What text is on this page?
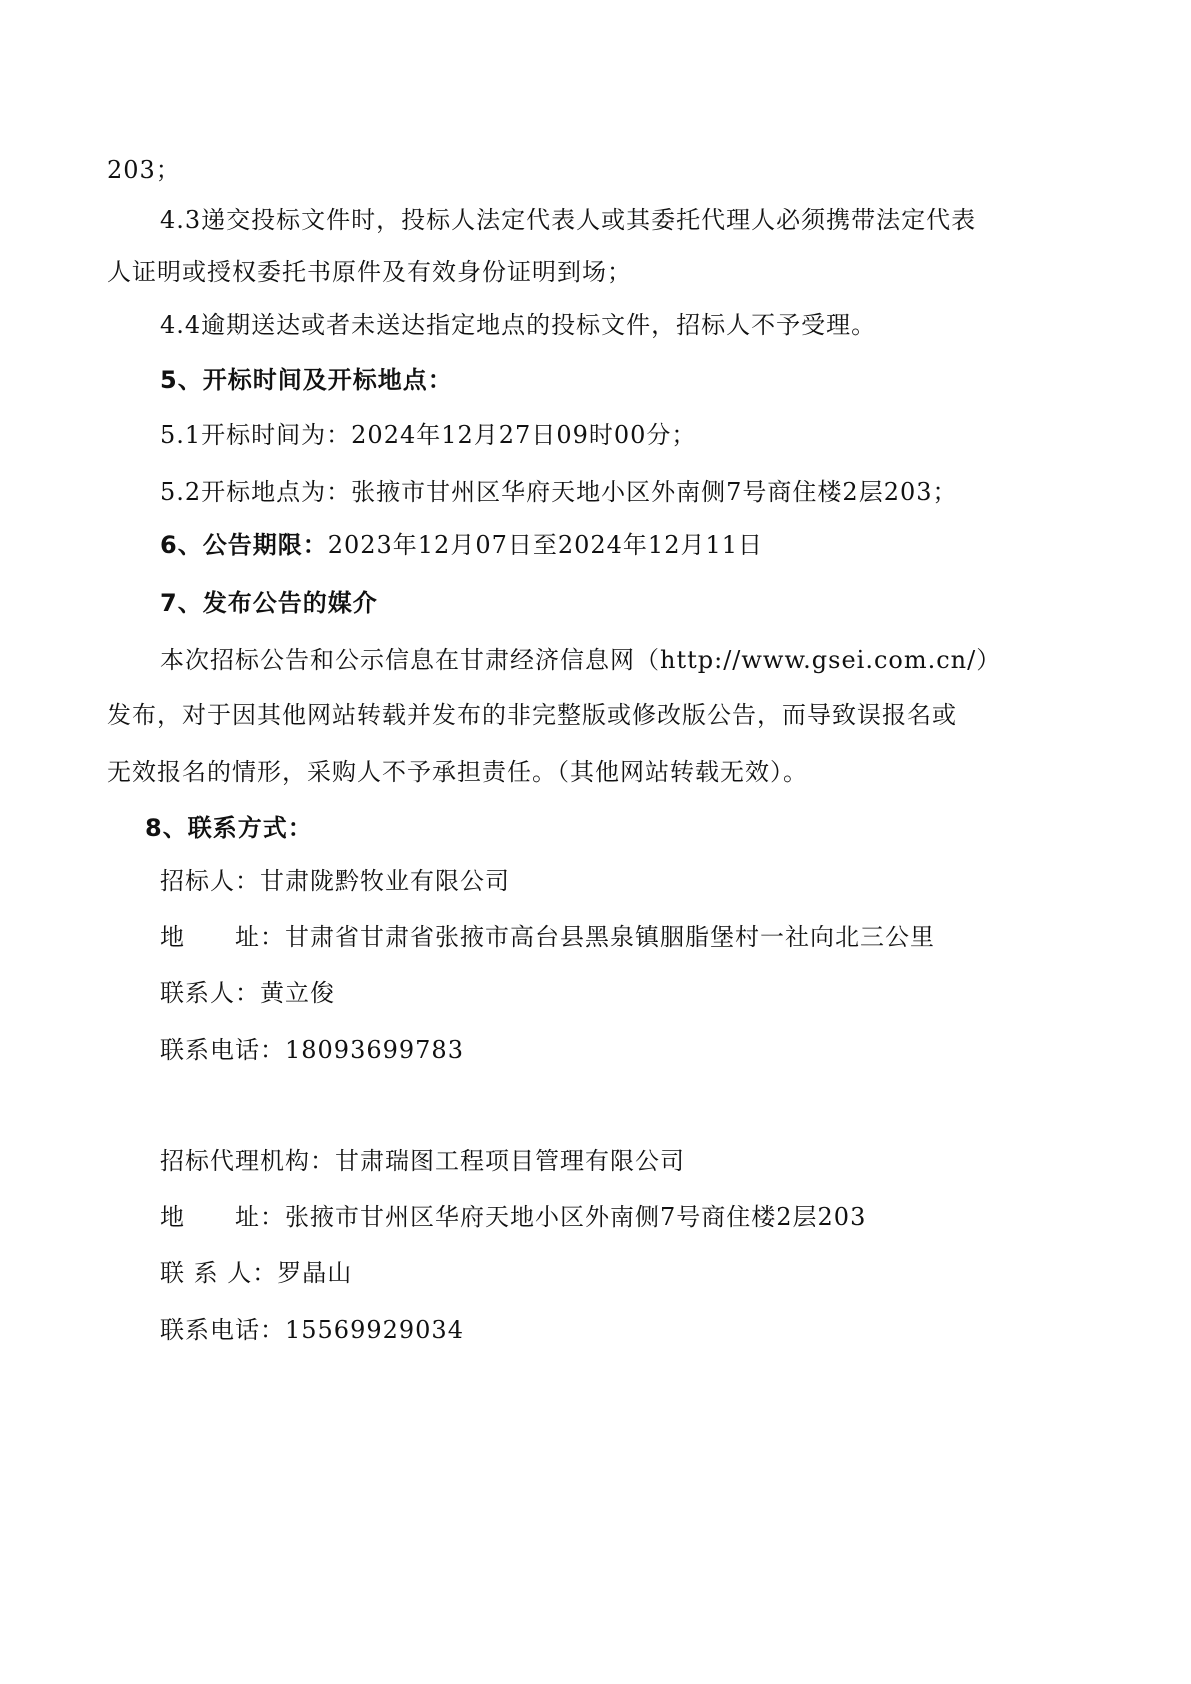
203；
4.3递交投标文件时，投标人法定代表人或其委托代理人必须携带法定代表
人证明或授权委托书原件及有效身份证明到场；
4.4逾期送达或者未送达指定地点的投标文件，招标人不予受理。
5、开标时间及开标地点：
5.1开标时间为：2024年12月27日09时00分；
5.2开标地点为：张掖市甘州区华府天地小区外南侧7号商住楼2层203；
6、公告期限：2023年12月07日至2024年12月11日
7、发布公告的媒介
本次招标公告和公示信息在甘肃经济信息网（http://www.gsei.com.cn/）
发布，对于因其他网站转载并发布的非完整版或修改版公告，而导致误报名或
无效报名的情形，采购人不予承担责任。（其他网站转载无效）。
8、联系方式：
招标人：甘肃陇黔牧业有限公司
地　　址：甘肃省甘肃省张掖市高台县黑泉镇胭脂堡村一社向北三公里
联系人：黄立俊
联系电话：18093699783
招标代理机构：甘肃瑞图工程项目管理有限公司
地　　址：张掖市甘州区华府天地小区外南侧7号商住楼2层203
联 系 人：罗晶山
联系电话：15569929034
